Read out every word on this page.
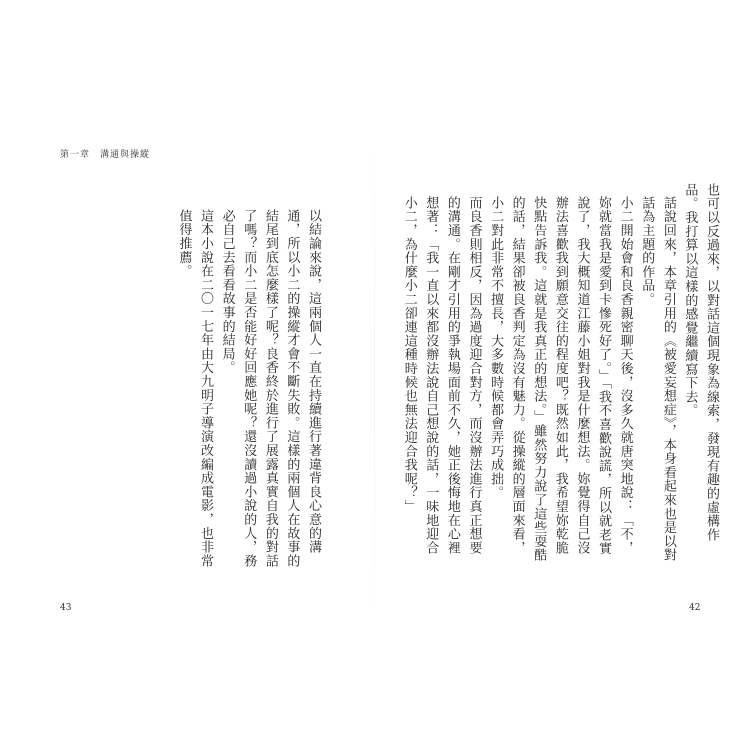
第一章　溝通與操縱

以結論來說，這兩個人一直在持續進行著違背良心意的溝通，所以小二的操縱才會不斷失敗。這樣的兩個人在故事的結尾到底怎麼樣了呢？良香終於進行了展露真實自我的對話了嗎？而小二是否能好好回應她呢？還沒讀過小說的人，務必自己去看看故事的結局。

這本小說在二〇一七年由大九明子導演改編成電影，也非常值得推薦。	也可以反過來，以對話這個現象為線索，發現有趣的虛構作品。我打算以這樣的感覺繼續寫下去。

話說回來，本章引用的《被愛妄想症》，本身看起來也是以對話為主題的作品。

小二開始會和良香親密聊天後，沒多久就唐突地說：「不，妳就當我是愛到卡慘死好了。」「我不喜歡說謊，所以就老實說了，我大概知道江藤小姐對我是什麼想法。妳覺得自己沒辦法喜歡我到願意交往的程度吧？既然如此，我希望妳乾脆快點告訴我。這就是我真正的想法。」雖然努力說了這些耍酷的話，結果卻被良香判定為沒有魅力。從操縱的層面來看，小二對此非常不擅長，大多數時候都會弄巧成拙。

而良香則相反，因為過度迎合對方，而沒辦法進行真正想要的溝通。在剛才引用的爭執場面前不久，她正後悔地在心裡想著：「我一直以來都沒辦法說自己想說的話，一味地迎合小二，為什麼小二卻連這種時候也無法迎合我呢？」

43	42
